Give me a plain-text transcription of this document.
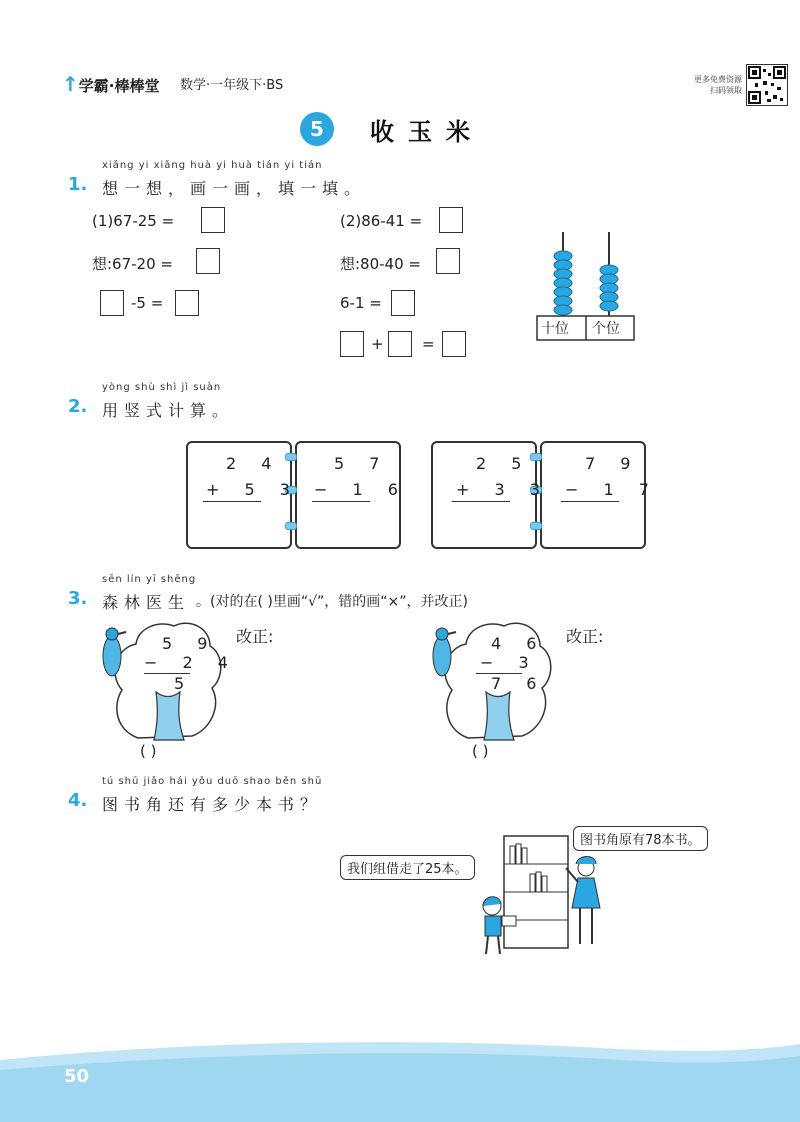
↑学霸·棒棒堂 数学·一年级下·BS	更多免费资源
扫码领取
5	收玉米
xiǎng yi xiǎng huà yi huà tián yi tián
1. 想一想，画一画，填一填。
(1)67-25 =
想:67-20 =
-5 =
(2)86-41 =
想:80-40 =
6-1 =
+	=
十位 个位
yòng shù shì jì suàn
2. 用竖式计算。
2 4
+ 5 3
5 7
− 1 6
2 5
+ 3 3
7 9
− 1 7
sēn lín yī shēng
3. 森林医生 。(对的在( )里画“√”，错的画“×”，并改正)
5 9
− 2 4
5
改正:
( )
4 6
− 3
7 6
改正:
( )
tú shū jiǎo hái yǒu duō shao běn shū
4. 图书角还有多少本书？
我们组借走了25本。
图书角原有78本书。
50
